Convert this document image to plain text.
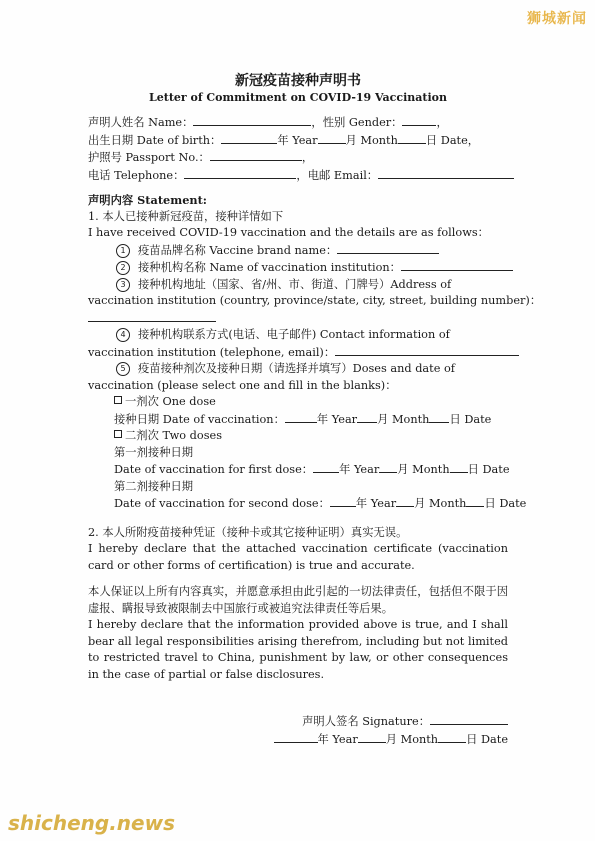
狮城新闻
shicheng.news
新冠疫苗接种声明书
Letter of Commitment on COVID-19 Vaccination
声明人姓名 Name：	，性别 Gender：	，
出生日期 Date of birth：	年 Year 月 Month 日 Date，
护照号 Passport No.：	，
电话 Telephone：	，电邮 Email：
声明内容 Statement:
1. 本人已接种新冠疫苗，接种详情如下
I have received COVID-19 vaccination and the details are as follows：
1 疫苗品牌名称 Vaccine brand name：
2 接种机构名称 Name of vaccination institution：
3 接种机构地址（国家、省/州、市、街道、门牌号）Address of
vaccination institution (country, province/state, city, street, building number)：
4 接种机构联系方式(电话、电子邮件) Contact information of
vaccination institution (telephone, email)：
5 疫苗接种剂次及接种日期（请选择并填写）Doses and date of
vaccination (please select one and fill in the blanks)：
一剂次 One dose
接种日期 Date of vaccination：	年 Year 月 Month 日 Date
二剂次 Two doses
第一剂接种日期
Date of vaccination for first dose： 年 Year 月 Month 日 Date
第二剂接种日期
Date of vaccination for second dose： 年 Year 月 Month 日 Date
2. 本人所附疫苗接种凭证（接种卡或其它接种证明）真实无误。
I hereby declare that the attached vaccination certificate (vaccination card or other forms of certification) is true and accurate.
本人保证以上所有内容真实，并愿意承担由此引起的一切法律责任，包括但不限于因虚报、瞒报导致被限制去中国旅行或被追究法律责任等后果。
I hereby declare that the information provided above is true, and I shall bear all legal responsibilities arising therefrom, including but not limited to restricted travel to China, punishment by law, or other consequences in the case of partial or false disclosures.
声明人签名 Signature：
年 Year 月 Month 日 Date
